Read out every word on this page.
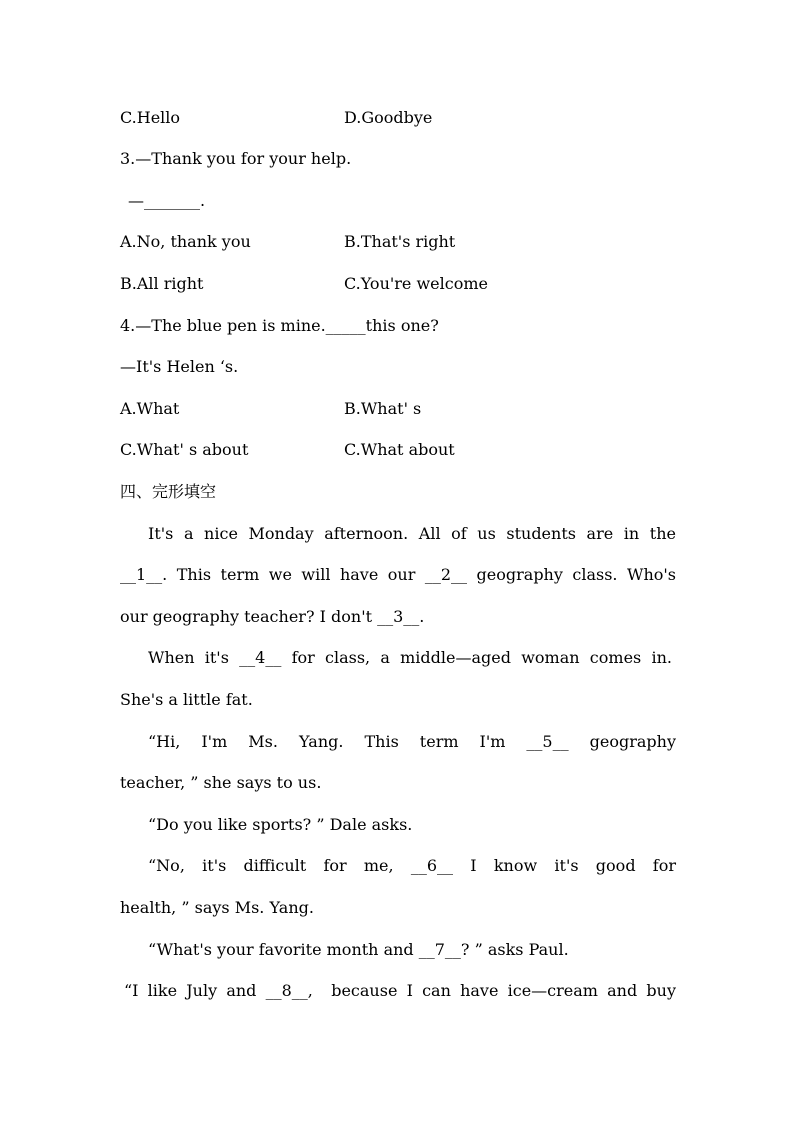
C.Hello	D.Goodbye
3.—Thank you for your help.
—_______.
A.No, thank you	B.That's right
B.All right	C.You're welcome
4.—The blue pen is mine._____this one?
—It's Helen ‘s.
A.What	B.What' s
C.What' s about	C.What about
四、完形填空
It's a nice Monday afternoon. All of us students are in the
__1__. This term we will have our __2__ geography class. Who's
our geography teacher? I don't __3__.
When it's __4__ for class, a middle—aged woman comes in.
She's a little fat.
“Hi,  I'm  Ms.  Yang.  This  term  I'm  __5__  geography
teacher, ” she says to us.
“Do you like sports? ” Dale asks.
“No, it's difficult for me, __6__ I know it's good for
health, ” says Ms. Yang.
“What's your favorite month and __7__? ” asks Paul.
“I like July and __8__,  because I can have ice—cream and buy
